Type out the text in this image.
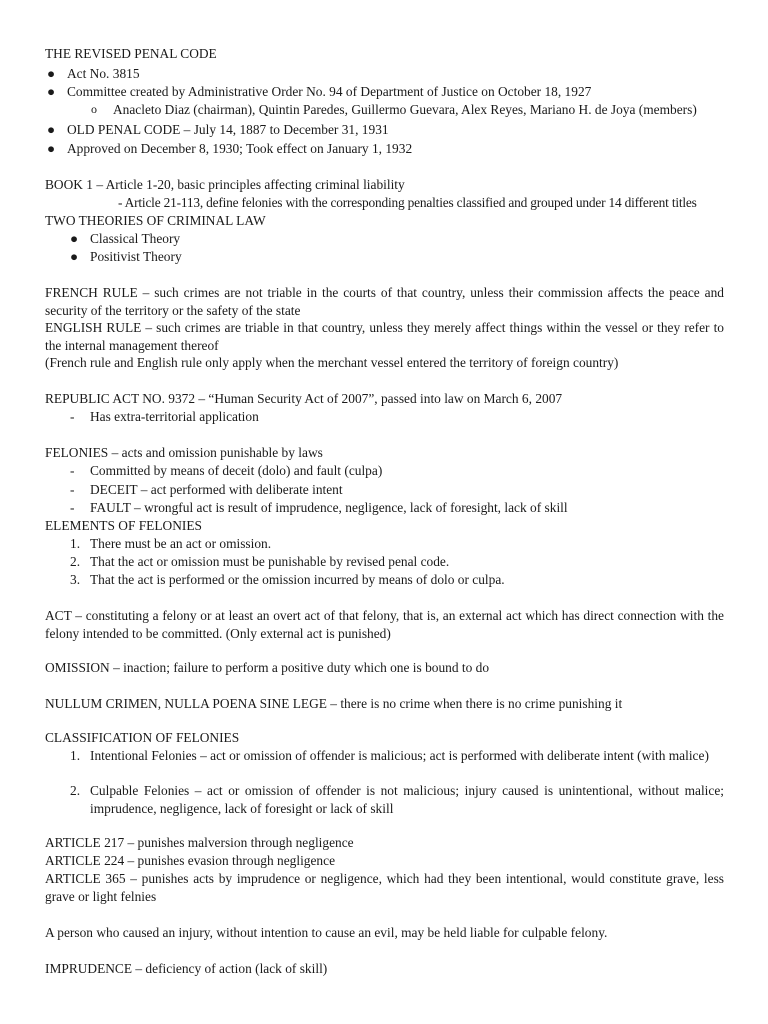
THE REVISED PENAL CODE
● Act No. 3815
● Committee created by Administrative Order No. 94 of Department of Justice on October 18, 1927
o Anacleto Diaz (chairman), Quintin Paredes, Guillermo Guevara, Alex Reyes, Mariano H. de Joya (members)
● OLD PENAL CODE – July 14, 1887 to December 31, 1931
● Approved on December 8, 1930; Took effect on January 1, 1932
BOOK 1 – Article 1-20, basic principles affecting criminal liability
- Article 21-113, define felonies with the corresponding penalties classified and grouped under 14 different titles
TWO THEORIES OF CRIMINAL LAW
● Classical Theory
● Positivist Theory
FRENCH RULE – such crimes are not triable in the courts of that country, unless their commission affects the peace and security of the territory or the safety of the state
ENGLISH RULE – such crimes are triable in that country, unless they merely affect things within the vessel or they refer to the internal management thereof
(French rule and English rule only apply when the merchant vessel entered the territory of foreign country)
REPUBLIC ACT NO. 9372 – “Human Security Act of 2007”, passed into law on March 6, 2007
- Has extra-territorial application
FELONIES – acts and omission punishable by laws
- Committed by means of deceit (dolo) and fault (culpa)
- DECEIT – act performed with deliberate intent
- FAULT – wrongful act is result of imprudence, negligence, lack of foresight, lack of skill
ELEMENTS OF FELONIES
1. There must be an act or omission.
2. That the act or omission must be punishable by revised penal code.
3. That the act is performed or the omission incurred by means of dolo or culpa.
ACT – constituting a felony or at least an overt act of that felony, that is, an external act which has direct connection with the felony intended to be committed. (Only external act is punished)
OMISSION – inaction; failure to perform a positive duty which one is bound to do
NULLUM CRIMEN, NULLA POENA SINE LEGE – there is no crime when there is no crime punishing it
CLASSIFICATION OF FELONIES
1. Intentional Felonies – act or omission of offender is malicious; act is performed with deliberate intent (with malice)
2. Culpable Felonies – act or omission of offender is not malicious; injury caused is unintentional, without malice; imprudence, negligence, lack of foresight or lack of skill
ARTICLE 217 – punishes malversion through negligence
ARTICLE 224 – punishes evasion through negligence
ARTICLE 365 – punishes acts by imprudence or negligence, which had they been intentional, would constitute grave, less grave or light felnies
A person who caused an injury, without intention to cause an evil, may be held liable for culpable felony.
IMPRUDENCE – deficiency of action (lack of skill)
